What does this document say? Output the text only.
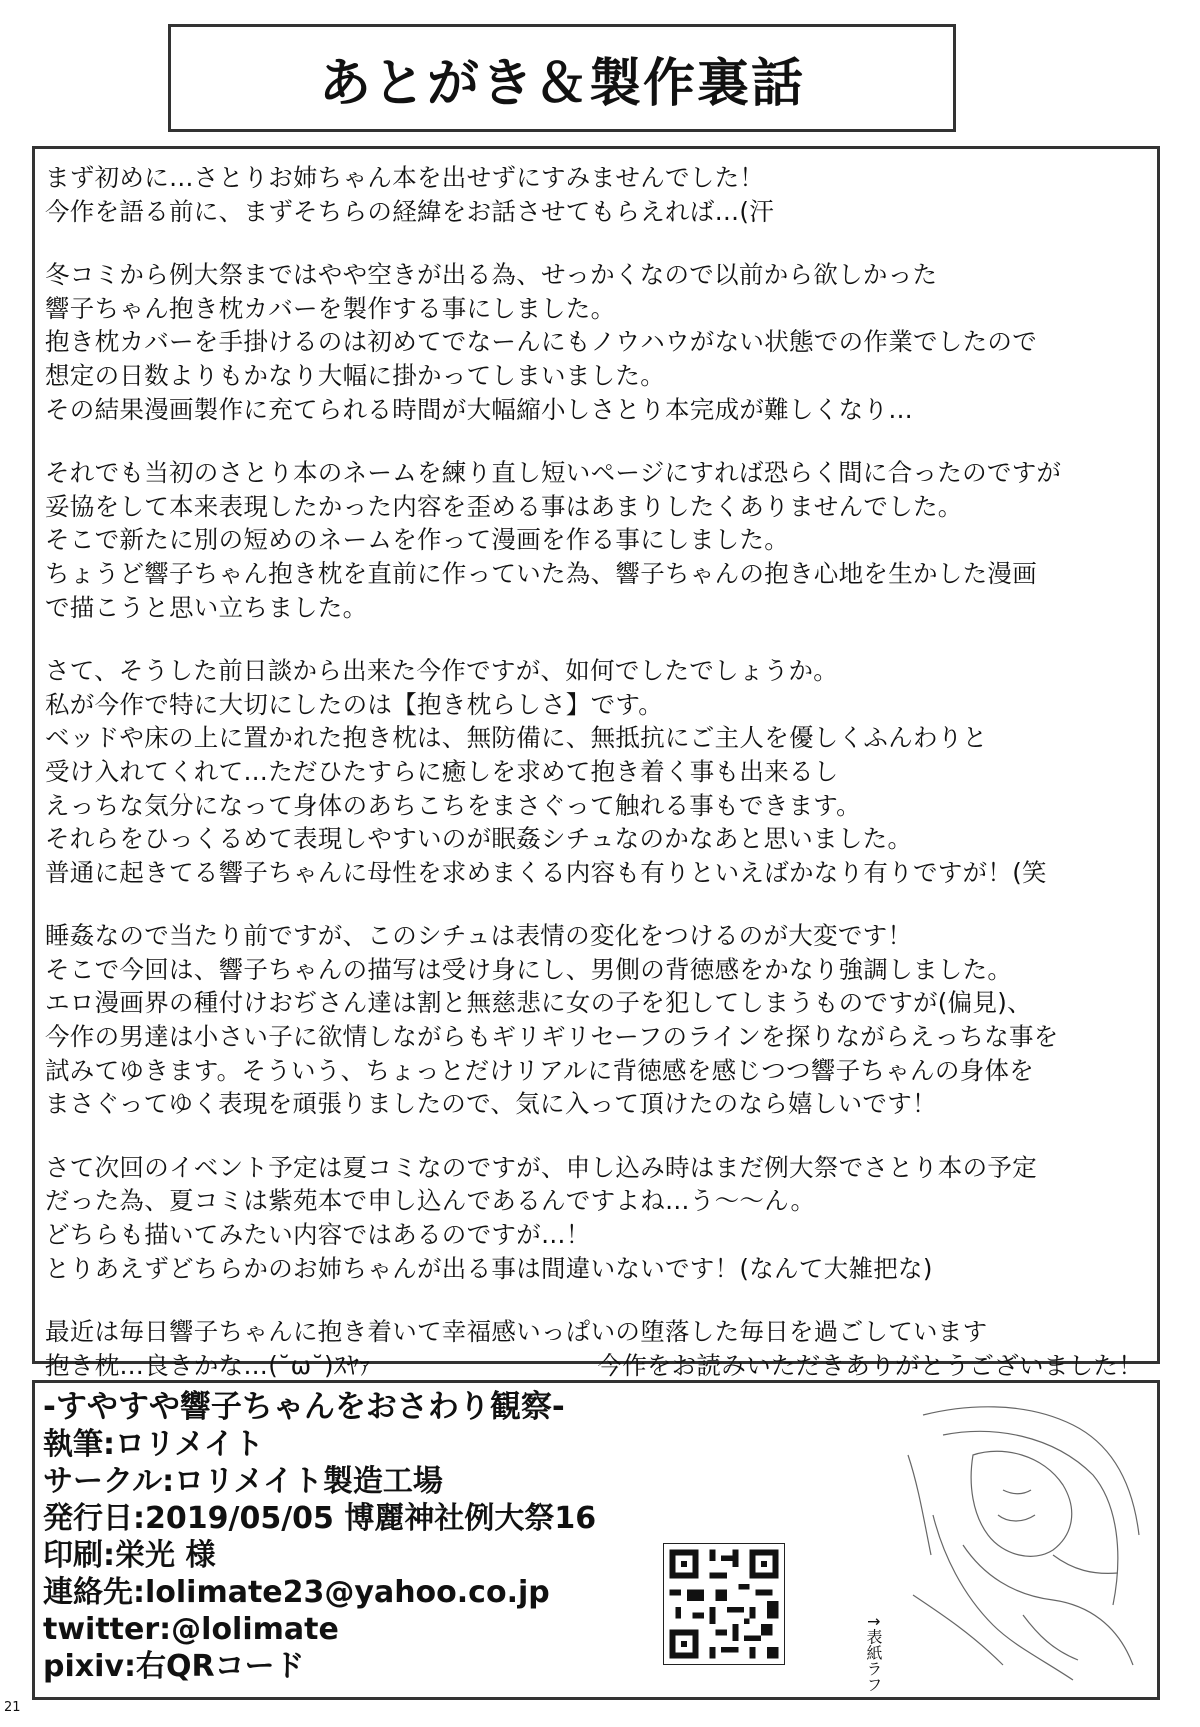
あとがき＆製作裏話
まず初めに…さとりお姉ちゃん本を出せずにすみませんでした！
今作を語る前に、まずそちらの経緯をお話させてもらえれば…(汗
冬コミから例大祭まではやや空きが出る為、せっかくなので以前から欲しかった
響子ちゃん抱き枕カバーを製作する事にしました。
抱き枕カバーを手掛けるのは初めてでなーんにもノウハウがない状態での作業でしたので
想定の日数よりもかなり大幅に掛かってしまいました。
その結果漫画製作に充てられる時間が大幅縮小しさとり本完成が難しくなり…
それでも当初のさとり本のネームを練り直し短いページにすれば恐らく間に合ったのですが
妥協をして本来表現したかった内容を歪める事はあまりしたくありませんでした。
そこで新たに別の短めのネームを作って漫画を作る事にしました。
ちょうど響子ちゃん抱き枕を直前に作っていた為、響子ちゃんの抱き心地を生かした漫画
で描こうと思い立ちました。
さて、そうした前日談から出来た今作ですが、如何でしたでしょうか。
私が今作で特に大切にしたのは【抱き枕らしさ】です。
ベッドや床の上に置かれた抱き枕は、無防備に、無抵抗にご主人を優しくふんわりと
受け入れてくれて…ただひたすらに癒しを求めて抱き着く事も出来るし
えっちな気分になって身体のあちこちをまさぐって触れる事もできます。
それらをひっくるめて表現しやすいのが眠姦シチュなのかなあと思いました。
普通に起きてる響子ちゃんに母性を求めまくる内容も有りといえばかなり有りですが！(笑
睡姦なので当たり前ですが、このシチュは表情の変化をつけるのが大変です！
そこで今回は、響子ちゃんの描写は受け身にし、男側の背徳感をかなり強調しました。
エロ漫画界の種付けおぢさん達は割と無慈悲に女の子を犯してしまうものですが(偏見)、
今作の男達は小さい子に欲情しながらもギリギリセーフのラインを探りながらえっちな事を
試みてゆきます。そういう、ちょっとだけリアルに背徳感を感じつつ響子ちゃんの身体を
まさぐってゆく表現を頑張りましたので、気に入って頂けたのなら嬉しいです！
さて次回のイベント予定は夏コミなのですが、申し込み時はまだ例大祭でさとり本の予定
だった為、夏コミは紫苑本で申し込んであるんですよね…う～～ん。
どちらも描いてみたい内容ではあるのですが…！
とりあえずどちらかのお姉ちゃんが出る事は間違いないです！(なんて大雑把な)
最近は毎日響子ちゃんに抱き着いて幸福感いっぱいの堕落した毎日を過ごしています
抱き枕…良きかな…(˘ω˘)ｽﾔｧ	今作をお読みいただきありがとうございました！
-すやすや響子ちゃんをおさわり観察-
執筆:ロリメイト
サークル:ロリメイト製造工場
発行日:2019/05/05 博麗神社例大祭16
印刷:栄光 様
連絡先:lolimate23@yahoo.co.jp
twitter:@lolimate
pixiv:右QRコード	↑表紙ラフ
21
